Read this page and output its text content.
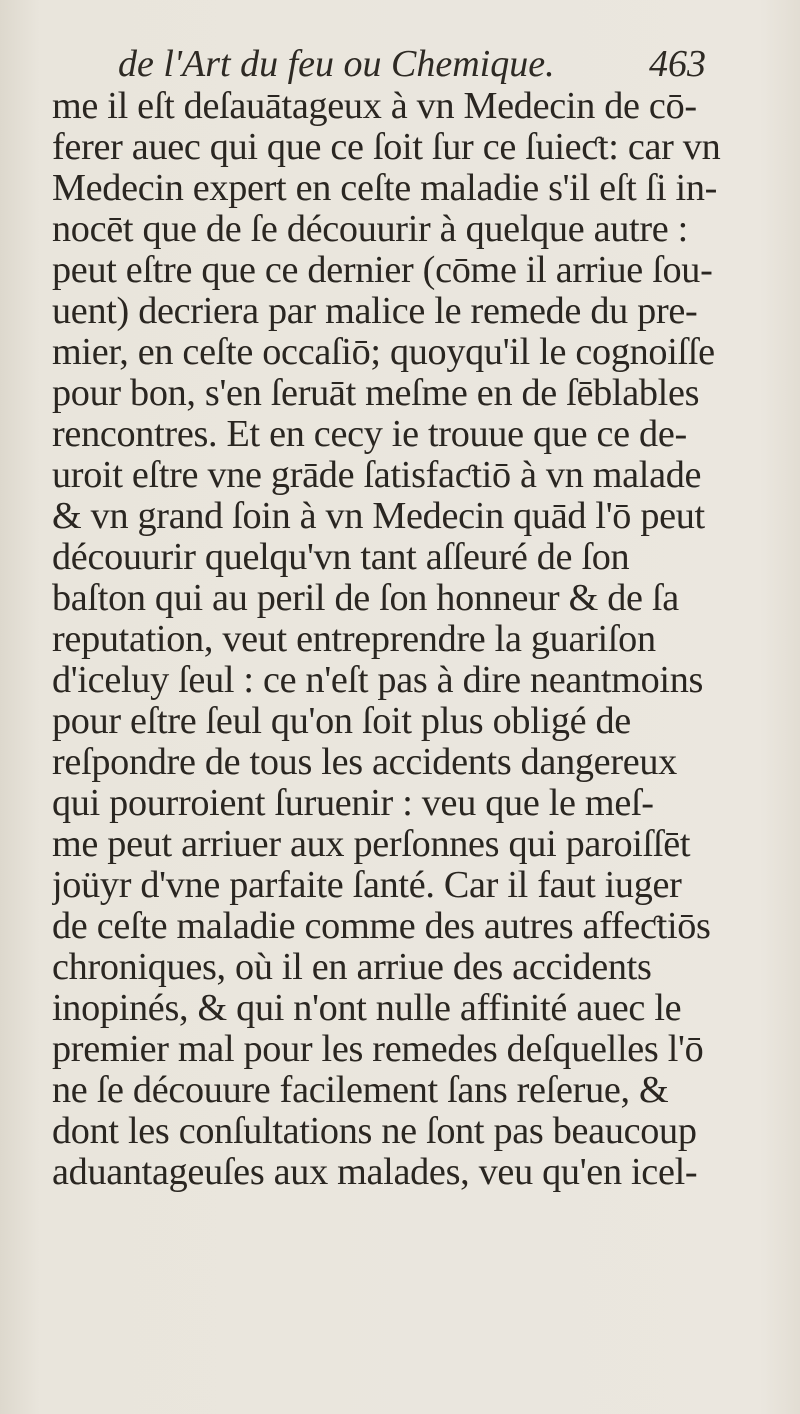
de l'Art du feu ou Chemique. 463
me il eſt deſauātageux à vn Medecin de cō-
ferer auec qui que ce ſoit ſur ce ſuieƈt: car vn
Medecin expert en ceſte maladie s'il eſt ſi in-
nocēt que de ſe découurir à quelque autre :
peut eſtre que ce dernier (cōme il arriue ſou-
uent) decriera par malice le remede du pre-
mier, en ceſte occaſiō; quoyqu'il le cognoiſſe
pour bon, s'en ſeruāt meſme en de ſēblables
rencontres. Et en cecy ie trouue que ce de-
uroit eſtre vne grāde ſatisfaƈtiō à vn malade
& vn grand ſoin à vn Medecin quād l'ō peut
découurir quelqu'vn tant aſſeuré de ſon
baſton qui au peril de ſon honneur & de ſa
reputation, veut entreprendre la guariſon
d'iceluy ſeul : ce n'eſt pas à dire neantmoins
pour eſtre ſeul qu'on ſoit plus obligé de
reſpondre de tous les accidents dangereux
qui pourroient ſuruenir : veu que le meſ-
me peut arriuer aux perſonnes qui paroiſſēt
joüyr d'vne parfaite ſanté. Car il faut iuger
de ceſte maladie comme des autres affeƈtiōs
chroniques, où il en arriue des accidents
inopinés, & qui n'ont nulle affinité auec le
premier mal pour les remedes deſquelles l'ō
ne ſe découure facilement ſans reſerue, &
dont les conſultations ne ſont pas beaucoup
aduantageuſes aux malades, veu qu'en icel-
